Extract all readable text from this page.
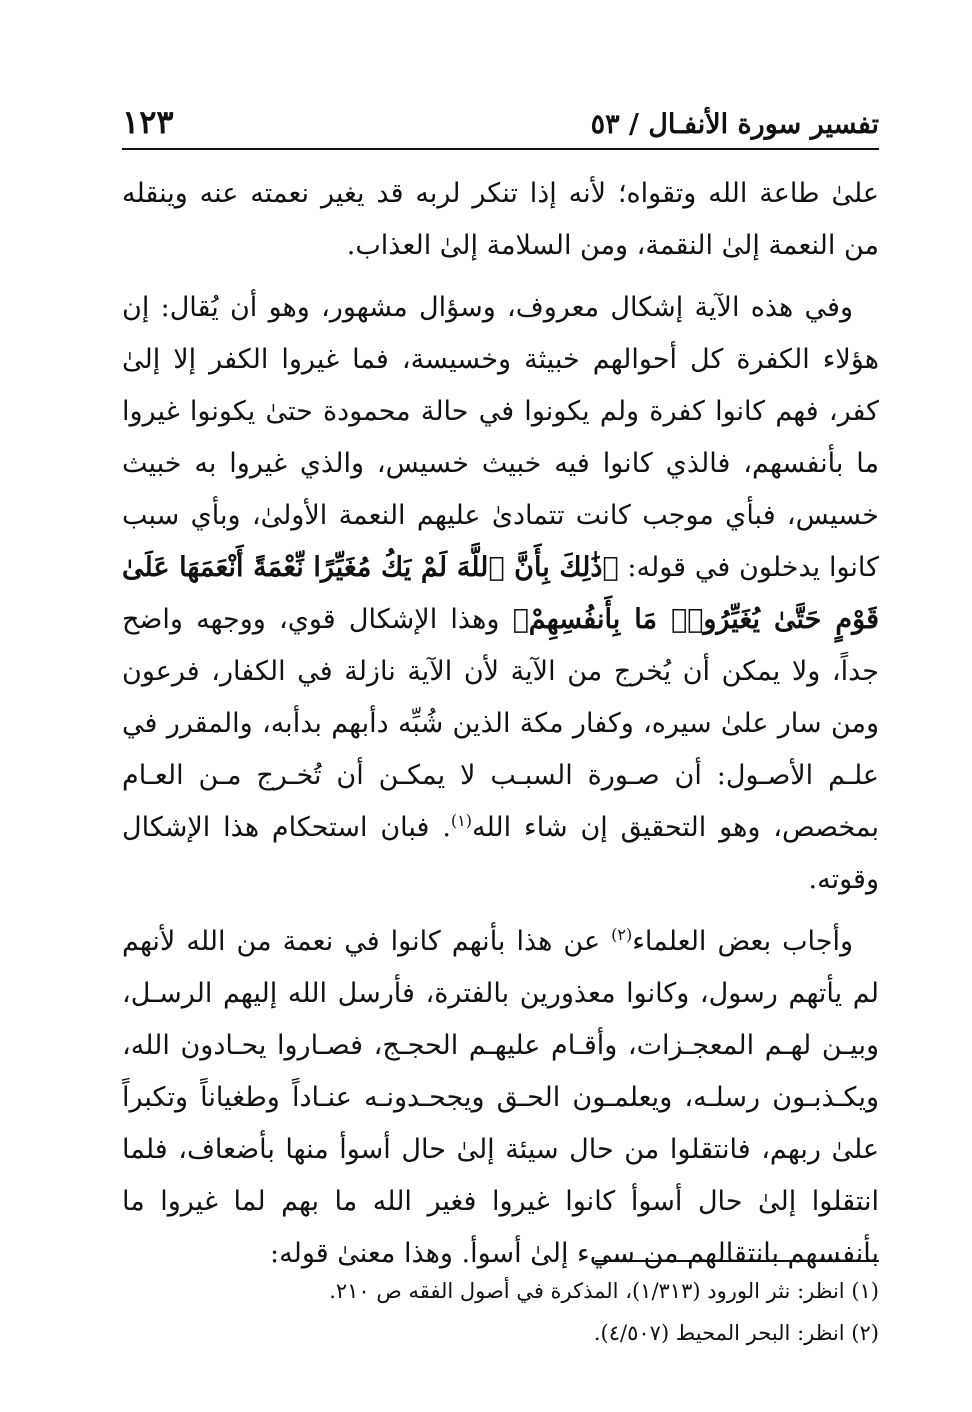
تفسير سورة الأنفـال / ٥٣
١٢٣

علىٰ طاعة الله وتقواه؛ لأنه إذا تنكر لربه قد يغير نعمته عنه وينقله من النعمة إلىٰ النقمة، ومن السلامة إلىٰ العذاب.

وفي هذه الآية إشكال معروف، وسؤال مشهور، وهو أن يُقال: إن هؤلاء الكفرة كل أحوالهم خبيثة وخسيسة، فما غيروا الكفر إلا إلىٰ كفر، فهم كانوا كفرة ولم يكونوا في حالة محمودة حتىٰ يكونوا غيروا ما بأنفسهم، فالذي كانوا فيه خبيث خسيس، والذي غيروا به خبيث خسيس، فبأي موجب كانت تتمادىٰ عليهم النعمة الأولىٰ، وبأي سبب كانوا يدخلون في قوله: ﴿ذَٰلِكَ بِأَنَّ ٱللَّهَ لَمْ يَكُ مُغَيِّرًا نِّعْمَةً أَنْعَمَهَا عَلَىٰ قَوْمٍ حَتَّىٰ يُغَيِّرُوا۟ مَا بِأَنفُسِهِمْ﴾ وهذا الإشكال قوي، ووجهه واضح جداً، ولا يمكن أن يُخرج من الآية لأن الآية نازلة في الكفار، فرعون ومن سار علىٰ سيره، وكفار مكة الذين شُبِّه دأبهم بدأبه، والمقرر في علـم الأصـول: أن صـورة السبـب لا يمكـن أن تُخـرج مـن العـام بمخصص، وهو التحقيق إن شاء الله$^{(١)}$. فبان استحكام هذا الإشكال وقوته.

وأجاب بعض العلماء$^{(٢)}$ عن هذا بأنهم كانوا في نعمة من الله لأنهم لم يأتهم رسول، وكانوا معذورين بالفترة، فأرسل الله إليهم الرسـل، وبيـن لهـم المعجـزات، وأقـام عليهـم الحجـج، فصـاروا يحـادون الله، ويكـذبـون رسلـه، ويعلمـون الحـق ويجحـدونـه عنـاداً وطغياناً وتكبراً علىٰ ربهم، فانتقلوا من حال سيئة إلىٰ حال أسوأ منها بأضعاف، فلما انتقلوا إلىٰ حال أسوأ كانوا غيروا فغير الله ما بهم لما غيروا ما بأنفسهم بانتقالهم من سيء إلىٰ أسوأ. وهذا معنىٰ قوله:

(١) انظر: نثر الورود (١/٣١٣)، المذكرة في أصول الفقه ص ٢١٠.

(٢) انظر: البحر المحيط (٤/٥٠٧).
